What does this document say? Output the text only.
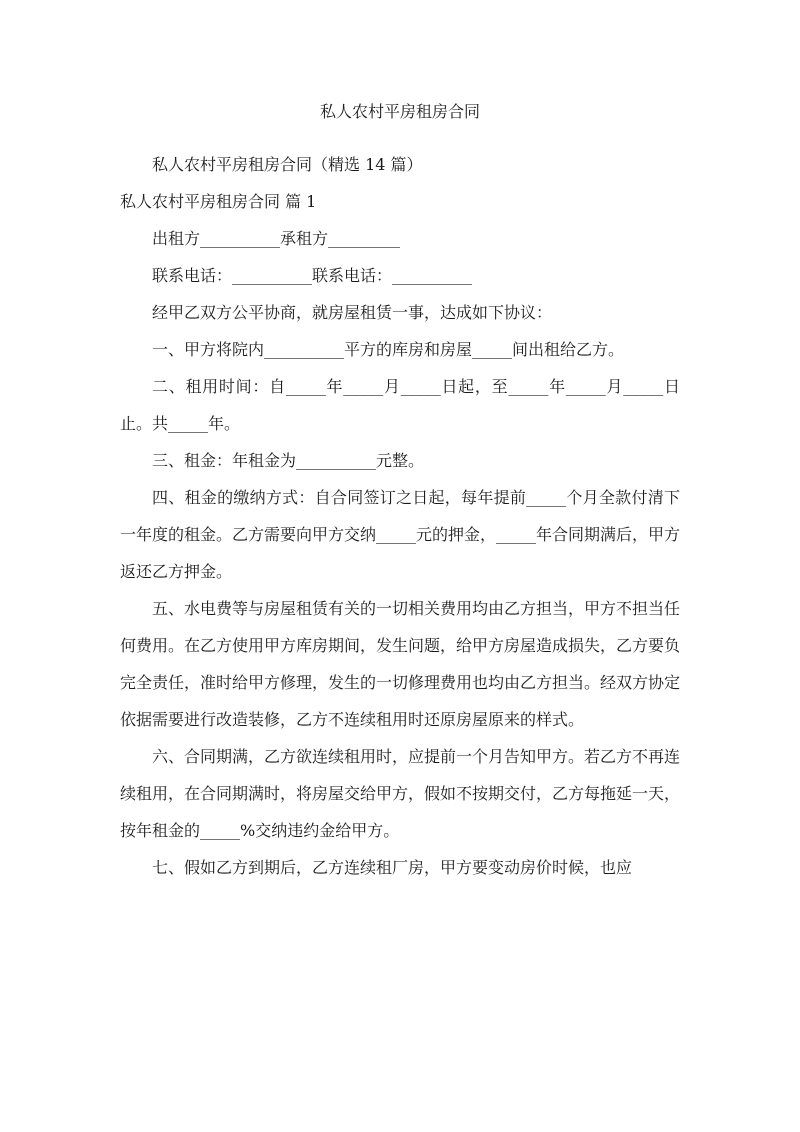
私人农村平房租房合同

私人农村平房租房合同（精选 14 篇）

私人农村平房租房合同 篇 1

出租方__________承租方_________

联系电话：__________联系电话：__________

经甲乙双方公平协商，就房屋租赁一事，达成如下协议：

一、甲方将院内__________平方的库房和房屋_____间出租给乙方。

二、租用时间：自_____年_____月_____日起，至_____年_____月_____日止。共_____年。

三、租金：年租金为__________元整。

四、租金的缴纳方式：自合同签订之日起，每年提前_____个月全款付清下一年度的租金。乙方需要向甲方交纳_____元的押金，_____年合同期满后，甲方返还乙方押金。

五、水电费等与房屋租赁有关的一切相关费用均由乙方担当，甲方不担当任何费用。在乙方使用甲方库房期间，发生问题，给甲方房屋造成损失，乙方要负完全责任，准时给甲方修理，发生的一切修理费用也均由乙方担当。经双方协定依据需要进行改造装修，乙方不连续租用时还原房屋原来的样式。

六、合同期满，乙方欲连续租用时，应提前一个月告知甲方。若乙方不再连续租用，在合同期满时，将房屋交给甲方，假如不按期交付，乙方每拖延一天，按年租金的_____%交纳违约金给甲方。

七、假如乙方到期后，乙方连续租厂房，甲方要变动房价时候，也应
